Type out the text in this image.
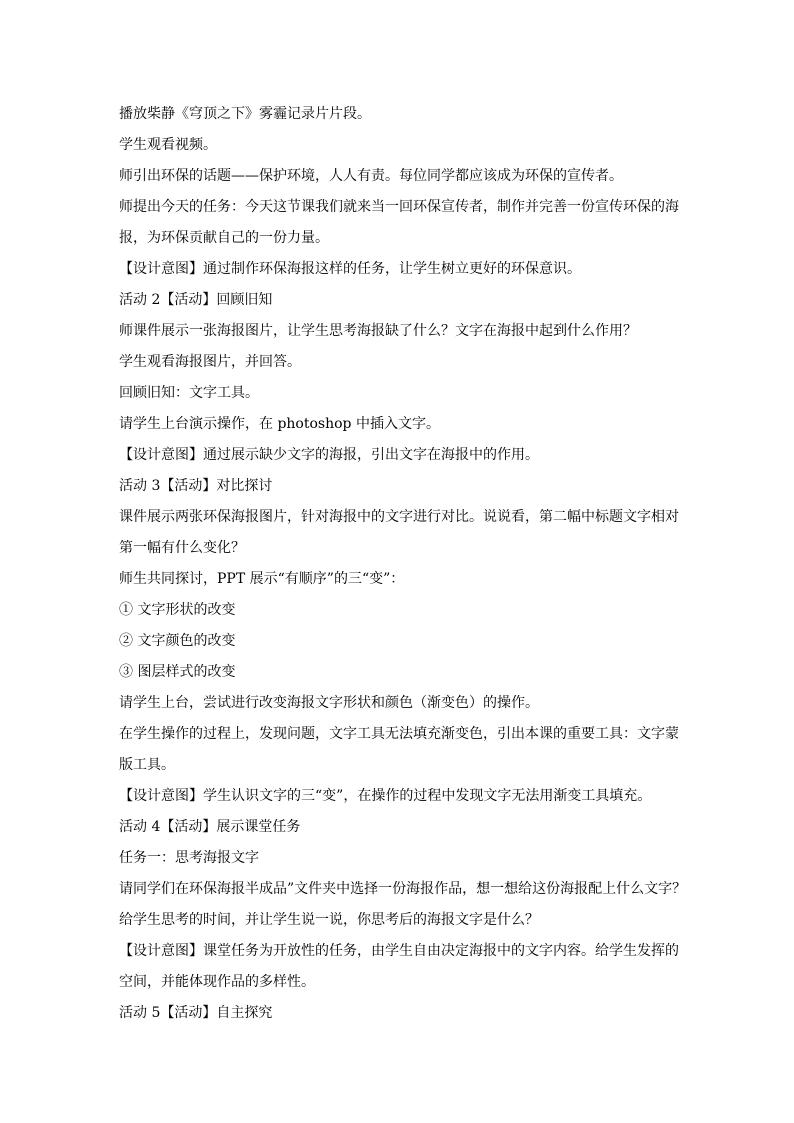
播放柴静《穹顶之下》雾霾记录片片段。
学生观看视频。
师引出环保的话题——保护环境，人人有责。每位同学都应该成为环保的宣传者。
师提出今天的任务：今天这节课我们就来当一回环保宣传者，制作并完善一份宣传环保的海
报，为环保贡献自己的一份力量。
【设计意图】通过制作环保海报这样的任务，让学生树立更好的环保意识。
活动 2【活动】回顾旧知
师课件展示一张海报图片，让学生思考海报缺了什么？文字在海报中起到什么作用？
学生观看海报图片，并回答。
回顾旧知：文字工具。
请学生上台演示操作，在 photoshop 中插入文字。
【设计意图】通过展示缺少文字的海报，引出文字在海报中的作用。
活动 3【活动】对比探讨
课件展示两张环保海报图片，针对海报中的文字进行对比。说说看，第二幅中标题文字相对
第一幅有什么变化？
师生共同探讨，PPT 展示“有顺序”的三“变”：
① 文字形状的改变
② 文字颜色的改变
③ 图层样式的改变
请学生上台，尝试进行改变海报文字形状和颜色（渐变色）的操作。
在学生操作的过程上，发现问题，文字工具无法填充渐变色，引出本课的重要工具：文字蒙
版工具。
【设计意图】学生认识文字的三“变”，在操作的过程中发现文字无法用渐变工具填充。
活动 4【活动】展示课堂任务
任务一：思考海报文字
请同学们在环保海报半成品”文件夹中选择一份海报作品，想一想给这份海报配上什么文字？
给学生思考的时间，并让学生说一说，你思考后的海报文字是什么？
【设计意图】课堂任务为开放性的任务，由学生自由决定海报中的文字内容。给学生发挥的
空间，并能体现作品的多样性。
活动 5【活动】自主探究
